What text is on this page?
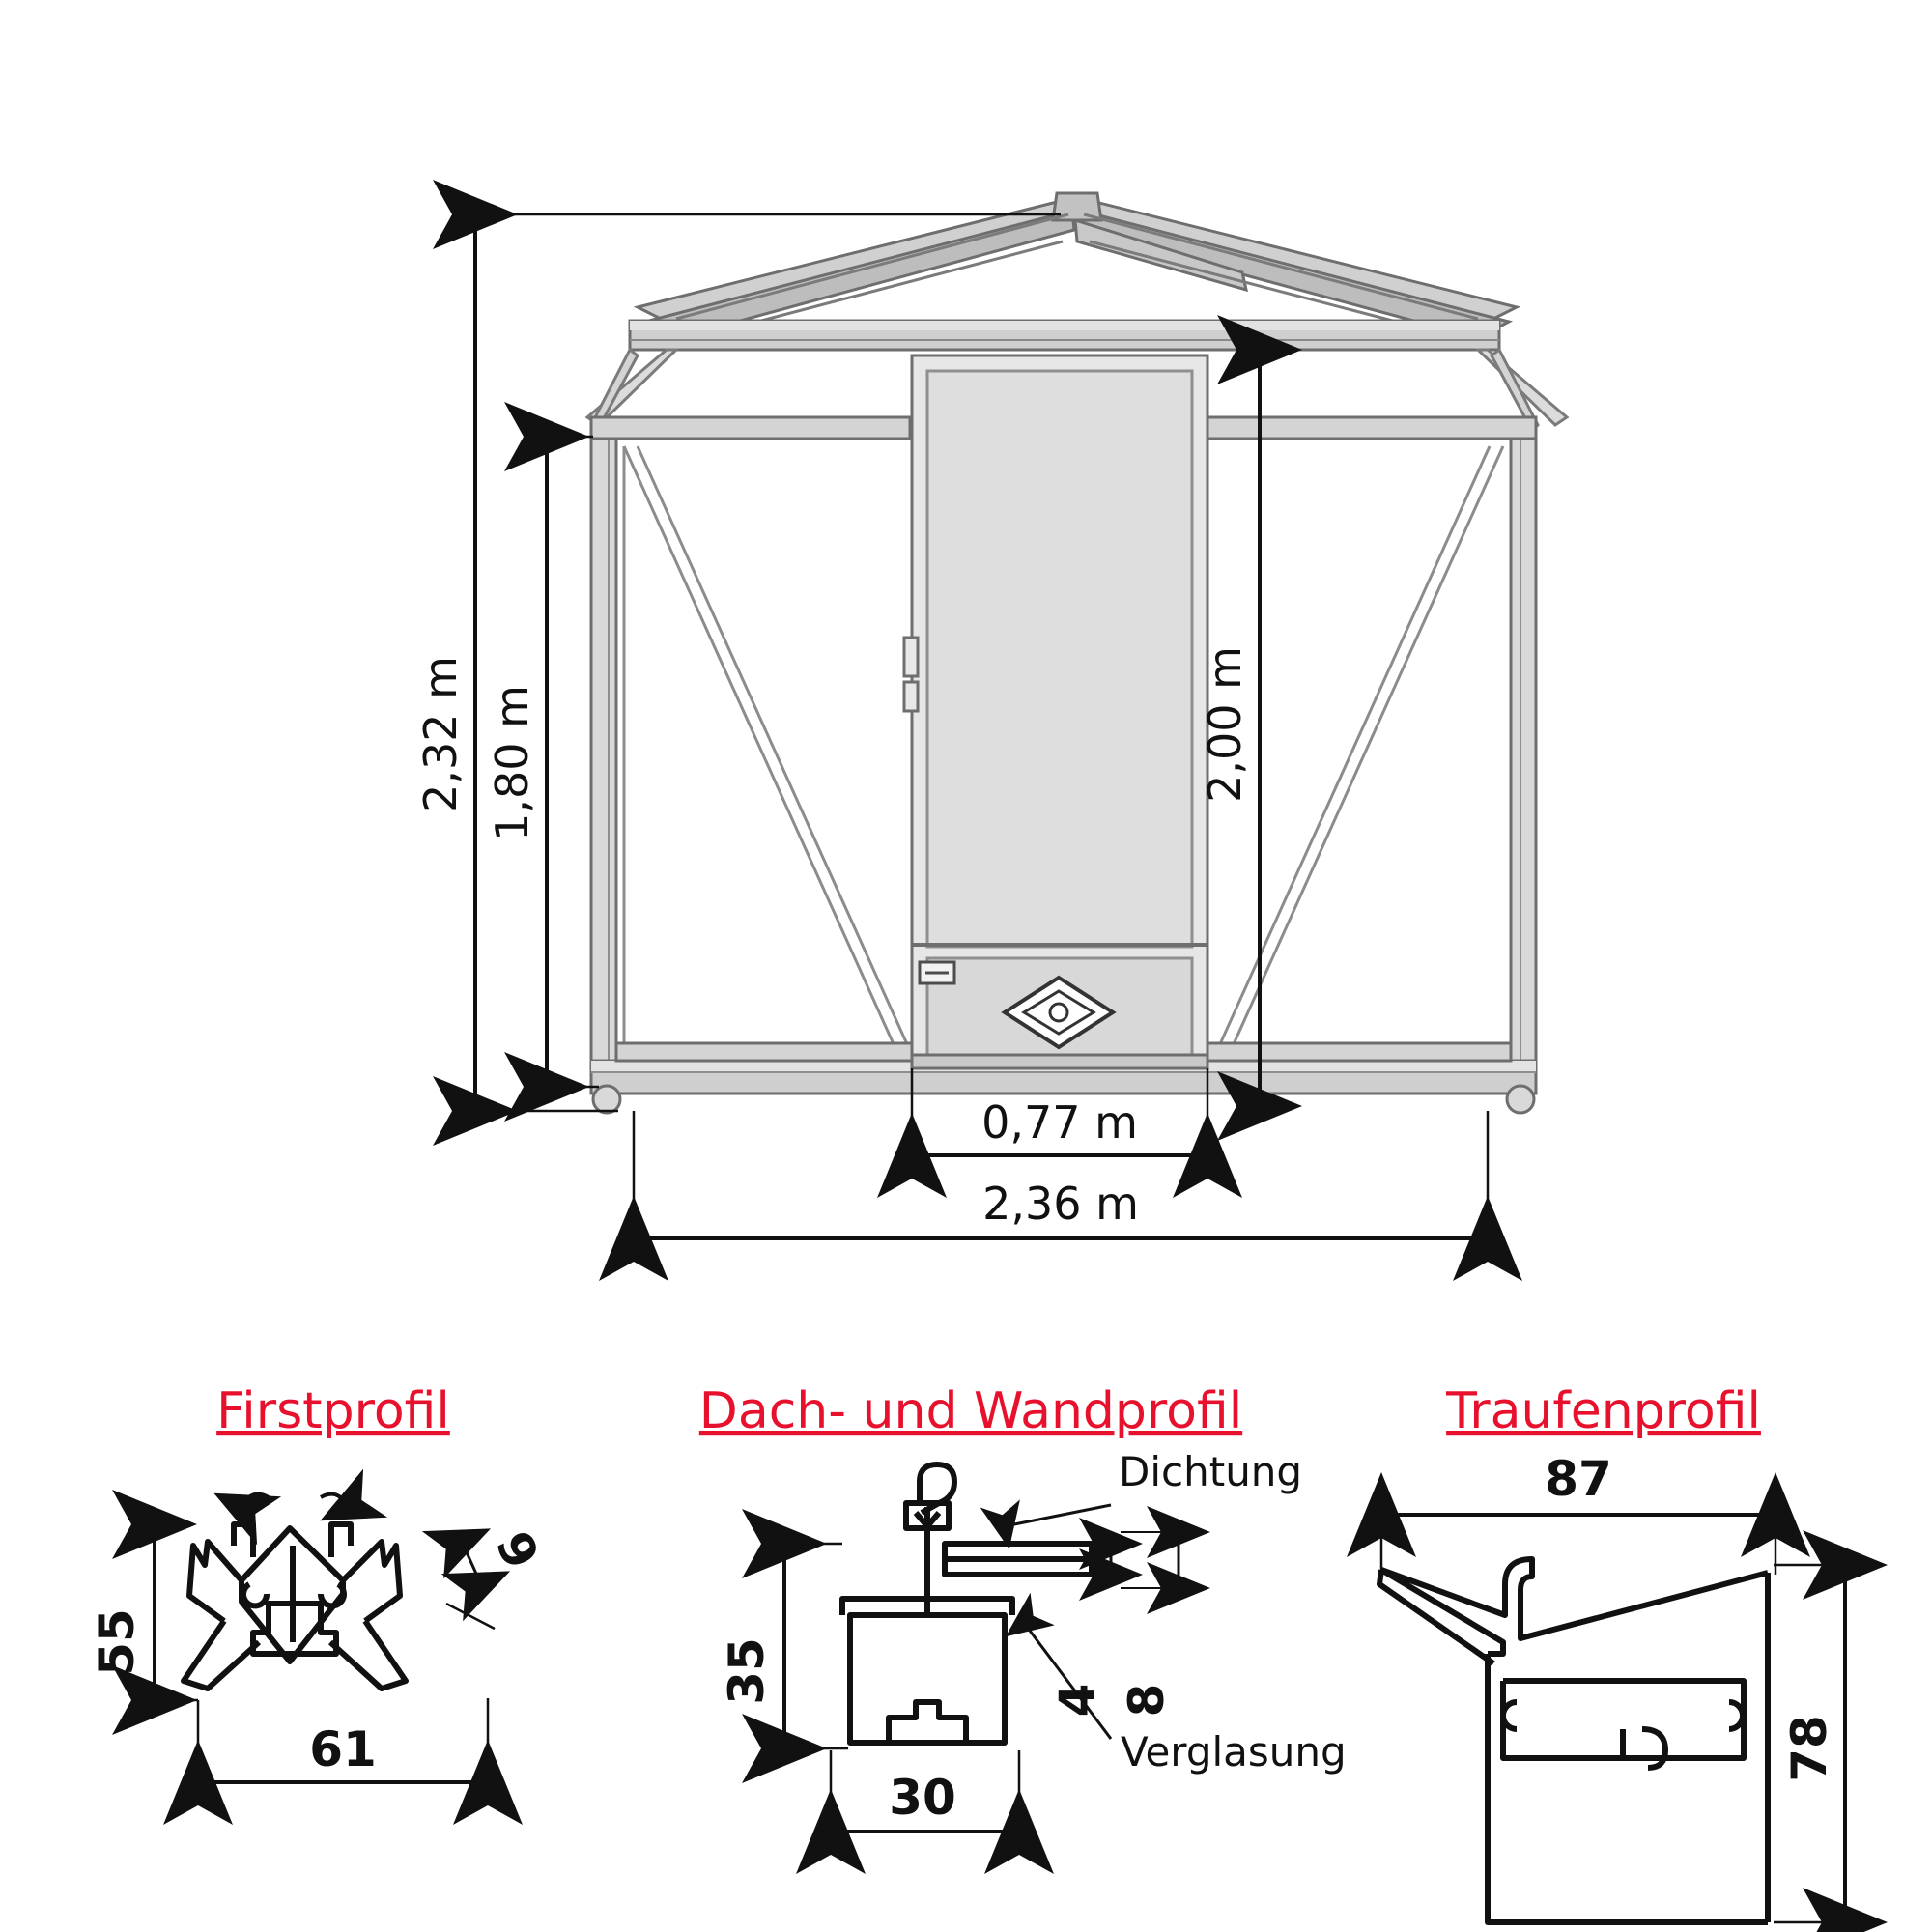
2,32 m 1,80 m	2,00 m
0,77 m
2,36 m
Firstprofil
55
9
61
Dach- und Wandprofil
Dichtung
Verglasung
35	4 8
30
Traufenprofil
87
78
